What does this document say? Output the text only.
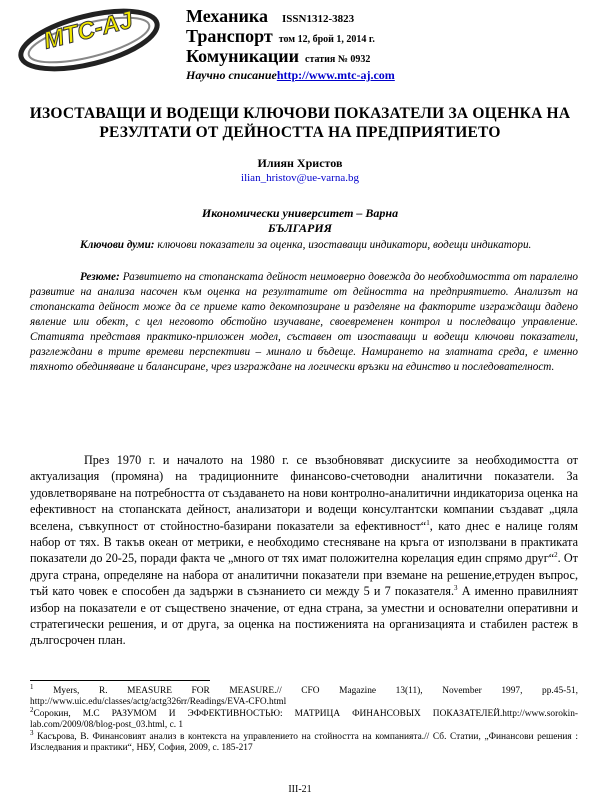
MTC-AJ	Механика ISSN1312-3823
Транспорт том 12, брой 1, 2014 г.
Комуникации статия № 0932
Научно списаниеhttp://www.mtc-aj.com
ИЗОСТАВАЩИ И ВОДЕЩИ КЛЮЧОВИ ПОКАЗАТЕЛИ ЗА ОЦЕНКА НА РЕЗУЛТАТИ ОТ ДЕЙНОСТТА НА ПРЕДПРИЯТИЕТО
Илиян Христов
ilian_hristov@ue-varna.bg
Икономически университет – Варна
БЪЛГАРИЯ
Ключови думи: ключови показатели за оценка, изоставащи индикатори, водещи индикатори.
Резюме: Развитието на стопанската дейност неимоверно довежда до необходимостта от паралелно развитие на анализа насочен към оценка на резултатите от дейността на предприятието. Анализът на стопанската дейност може да се приеме като декомпозиране и разделяне на факторите изграждащи дадено явление или обект, с цел неговото обстойно изучаване, своевременен контрол и последващо управление. Статията представя практико-приложен модел, съставен от изоставащи и водещи ключови показатели, разглеждани в трите времеви перспективи – минало и бъдеще. Намирането на златната среда, е именно тяхното обединяване и балансиране, чрез изграждане на логически връзки на единство и последователност.
През 1970 г. и началото на 1980 г. се възобновяват дискусиите за необходимостта от актуализация (промяна) на традиционните финансово-счетоводни аналитични показатели. За удовлетворяване на потребността от създаването на нови контролно-аналитични индикаторизa оценка на ефективност на стопанската дейност, анализатори и водещи консултантски компании създават „цяла вселена, съвкупност от стойностно-базирани показатели за ефективност“$^1$, като днес е налице голям набор от тях. В такъв океан от метрики, е необходимо стесняване на кръга от използвани в практиката показатели до 20-25, поради факта че „много от тях имат положителна корелация един спрямо друг“$^2$. От друга страна, определяне на набора от аналитични показатели при вземане на решение,етруден въпрос, тъй като човек е способен да задържи в съзнанието си между 5 и 7 показателя.$^3$ А именно правилният избор на показатели е от съществено значение, от една страна, за уместни и основателни оперативни и стратегически решения, и от друга, за оценка на постиженията на организацията и стабилен растеж в дългосрочен план.
$^1$ Myers, R. MEASURE FOR MEASURE.// CFO Magazine 13(11), November 1997, pp.45-51, http://www.uic.edu/classes/actg/actg326rr/Readings/EVA-CFO.html
$^2$Сорокин, М.С РАЗУМОМ И ЭФФЕКТИВНОСТЬЮ: МАТРИЦА ФИНАНСОВЫХ ПОКАЗАТЕЛЕЙ.http://www.sorokin-lab.com/2009/08/blog-post_03.html, с. 1
$^3$ Касърова, В. Финансовият анализ в контекста на управлението на стойността на компанията.// Сб. Статии, „Финансови решения : Изследвания и практики“, НБУ, София, 2009, с. 185-217
III-21
